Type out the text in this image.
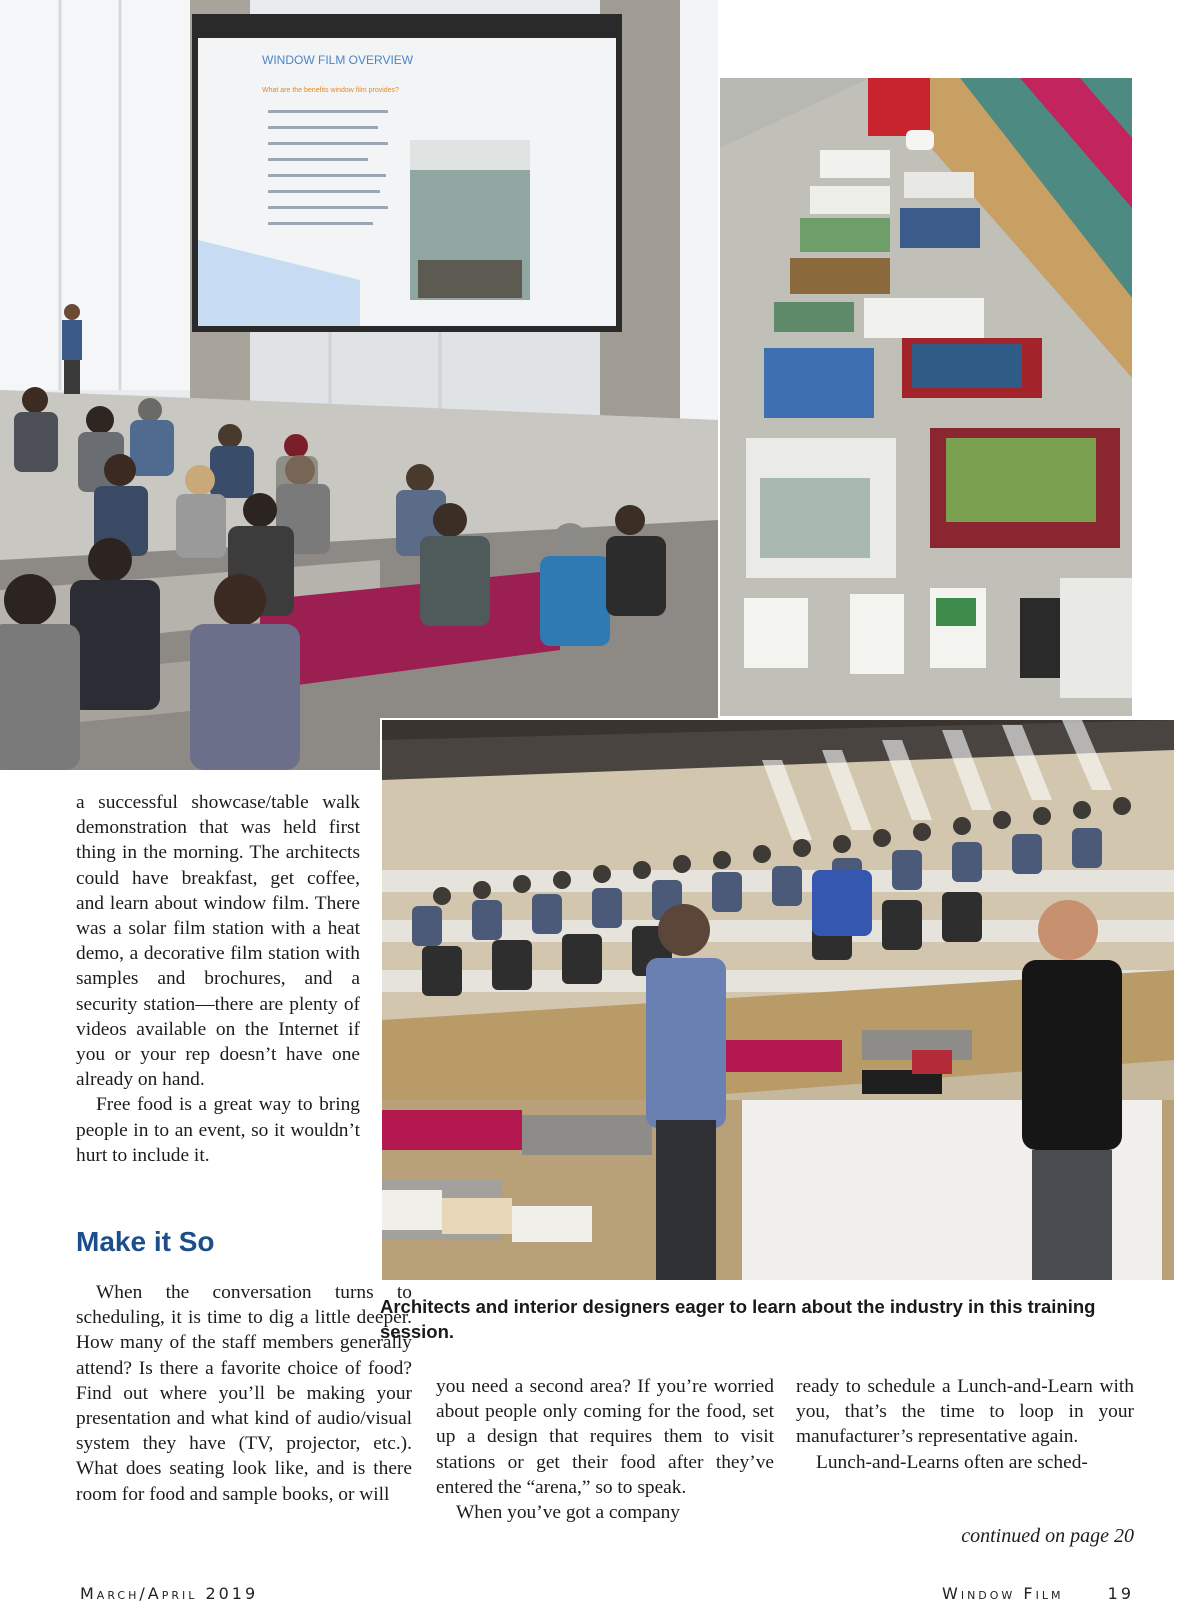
WINDOW FILM OVERVIEW
What are the benefits window film provides?

a successful showcase/table walk demonstration that was held first thing in the morning. The architects could have breakfast, get coffee, and learn about window film. There was a solar film station with a heat demo, a decorative film station with samples and brochures, and a security station—there are plenty of videos available on the Internet if you or your rep doesn’t have one already on hand.

Free food is a great way to bring people in to an event, so it wouldn’t hurt to include it.

Make it So

When the conversation turns to scheduling, it is time to dig a little deeper. How many of the staff members generally attend? Is there a favorite choice of food? Find out where you’ll be making your presentation and what kind of audio/visual system they have (TV, projector, etc.). What does seating look like, and is there room for food and sample books, or will

Architects and interior designers eager to learn about the industry in this training session.

you need a second area? If you’re worried about people only coming for the food, set up a design that requires them to visit stations or get their food after they’ve entered the “arena,” so to speak.

When you’ve got a company

ready to schedule a Lunch-and-Learn with you, that’s the time to loop in your manufacturer’s representative again.

Lunch-and-Learns often are sched-

continued on page 20
March/April 2019	Window Film	19
